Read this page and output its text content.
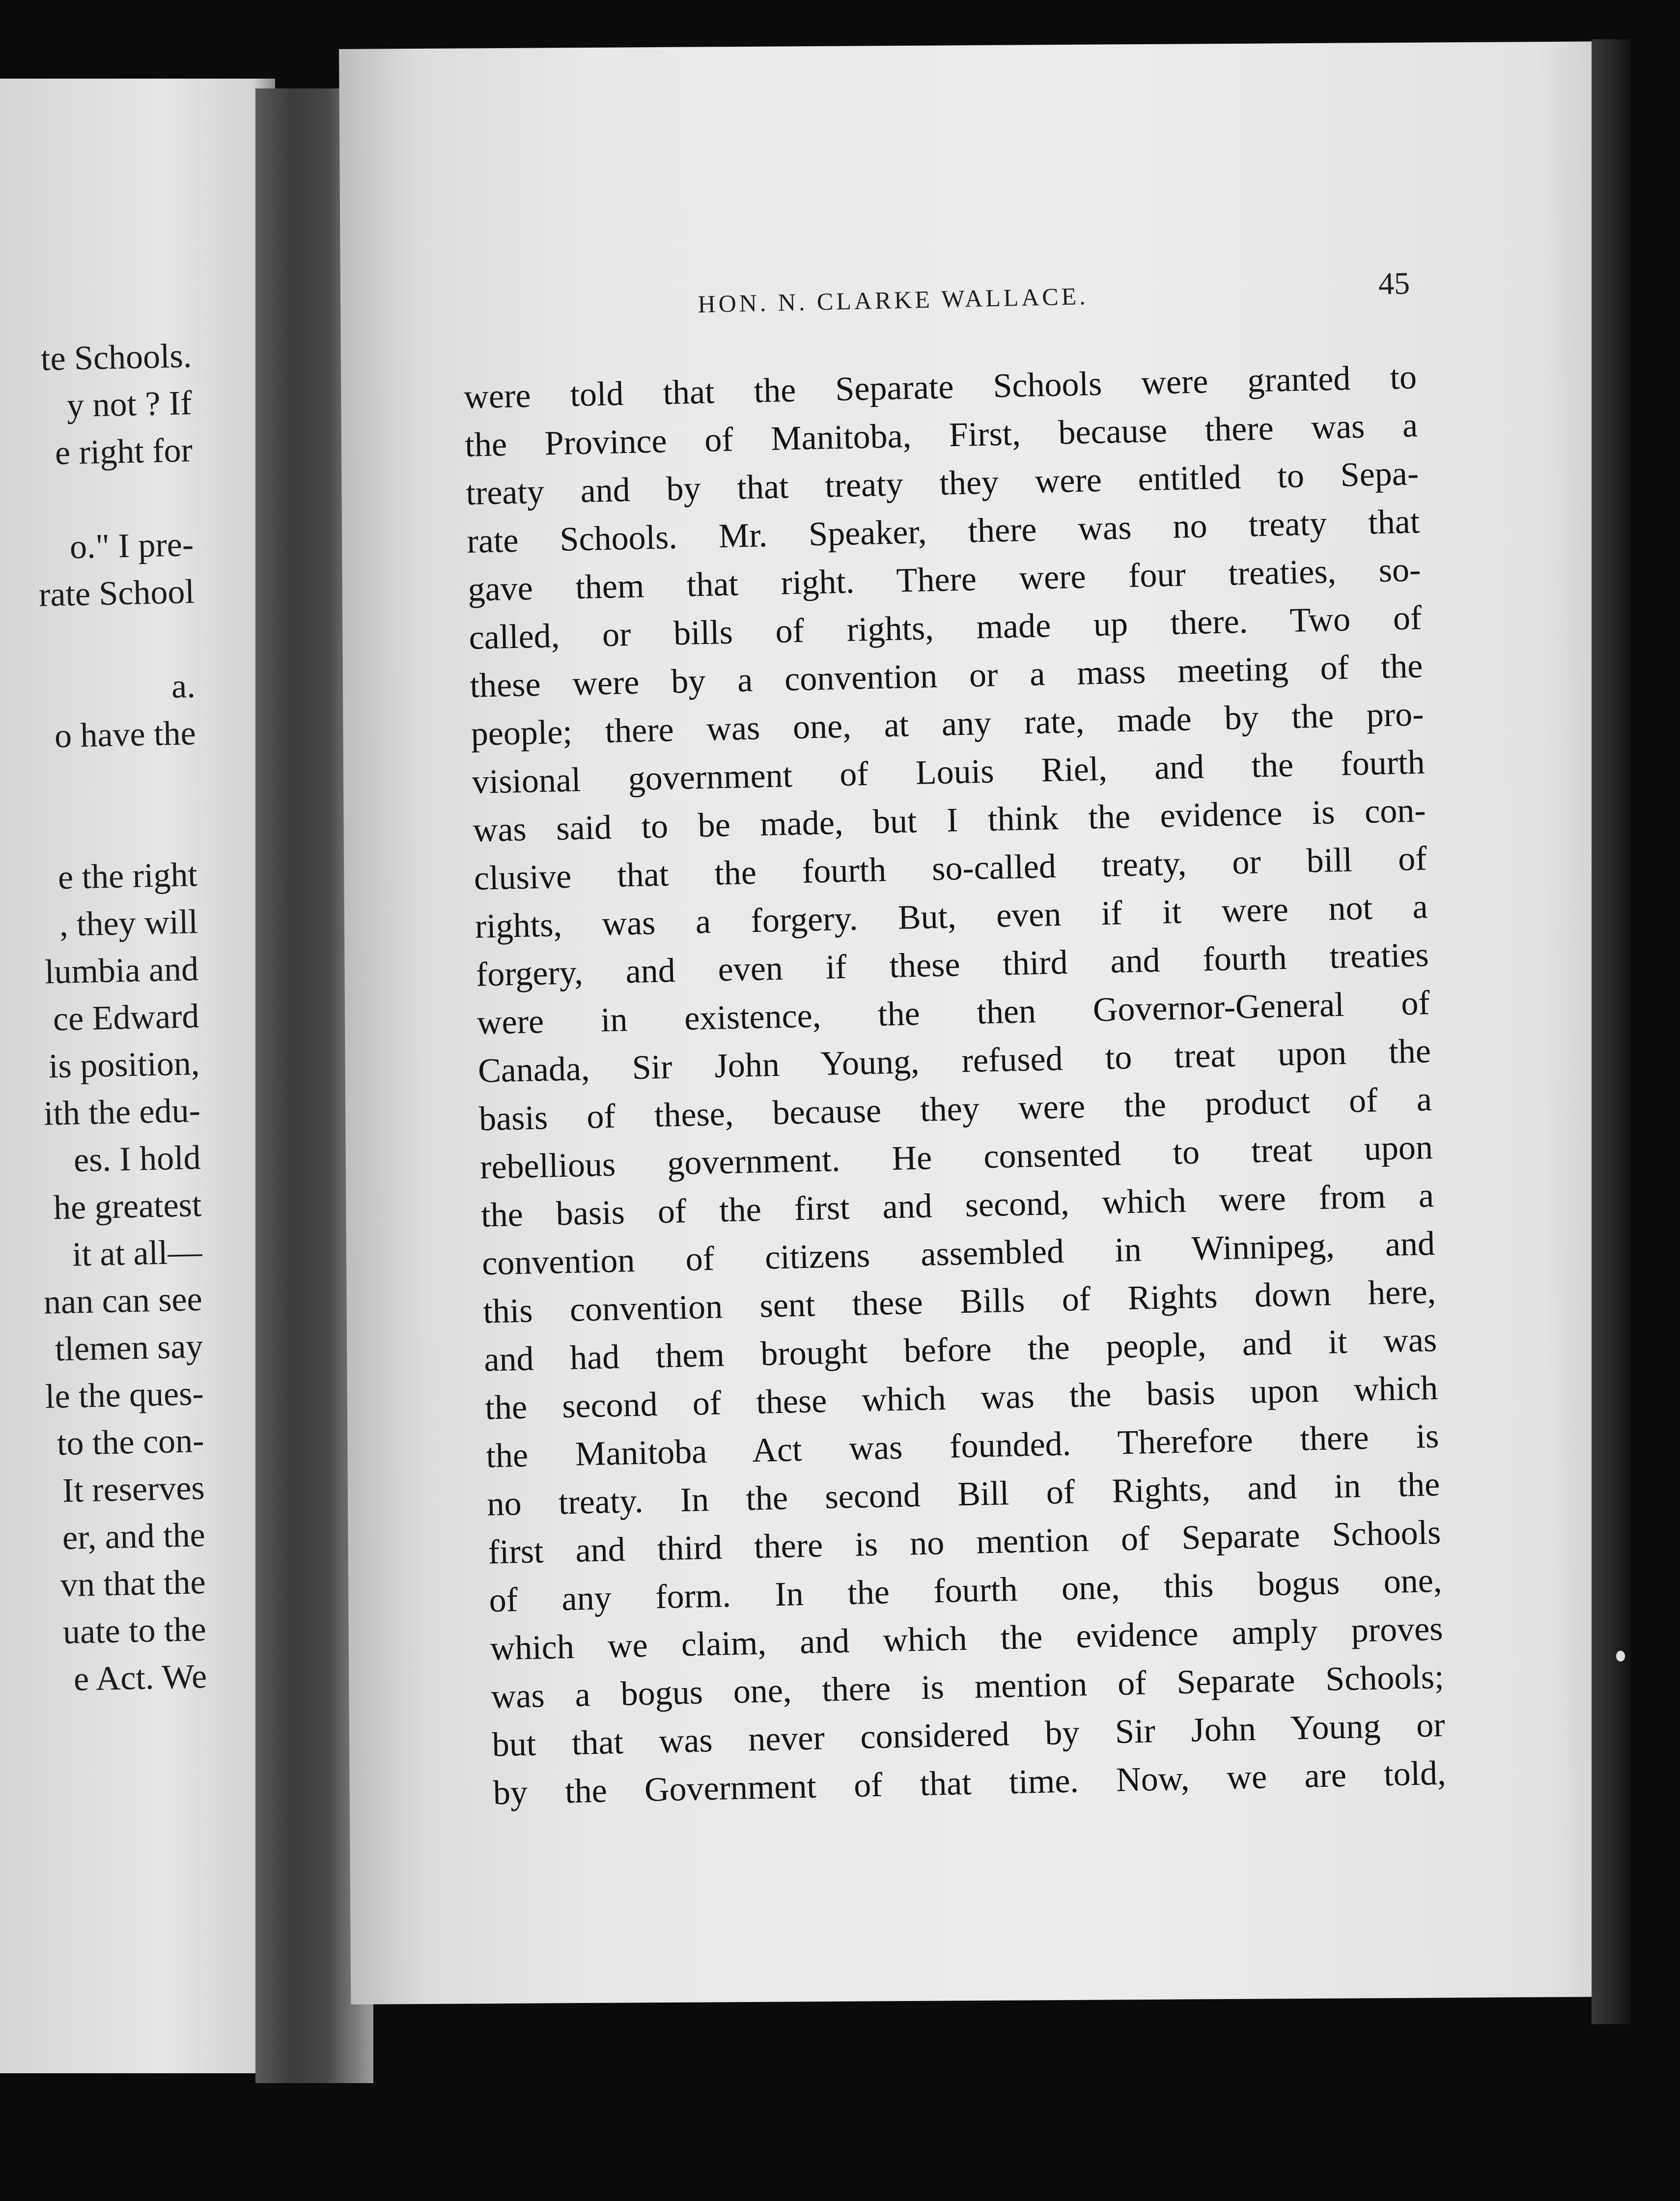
te Schools.
y not ? If
e right for
o." I pre-
rate School
a.
o have the
e the right
, they will
lumbia and
ce Edward
is position,
ith the edu-
es. I hold
he greatest
it at all—
nan can see
tlemen say
le the ques-
to the con-
It reserves
er, and the
vn that the
uate to the
e Act. We
HON. N. CLARKE WALLACE.	45
were told that the Separate Schools were granted to
the Province of Manitoba, First, because there was a
treaty and by that treaty they were entitled to Sepa-
rate Schools. Mr. Speaker, there was no treaty that
gave them that right. There were four treaties, so-
called, or bills of rights, made up there. Two of
these were by a convention or a mass meeting of the
people; there was one, at any rate, made by the pro-
visional government of Louis Riel, and the fourth
was said to be made, but I think the evidence is con-
clusive that the fourth so-called treaty, or bill of
rights, was a forgery. But, even if it were not a
forgery, and even if these third and fourth treaties
were in existence, the then Governor-General of
Canada, Sir John Young, refused to treat upon the
basis of these, because they were the product of a
rebellious government. He consented to treat upon
the basis of the first and second, which were from a
convention of citizens assembled in Winnipeg, and
this convention sent these Bills of Rights down here,
and had them brought before the people, and it was
the second of these which was the basis upon which
the Manitoba Act was founded. Therefore there is
no treaty. In the second Bill of Rights, and in the
first and third there is no mention of Separate Schools
of any form. In the fourth one, this bogus one,
which we claim, and which the evidence amply proves
was a bogus one, there is mention of Separate Schools;
but that was never considered by Sir John Young or
by the Government of that time. Now, we are told,
